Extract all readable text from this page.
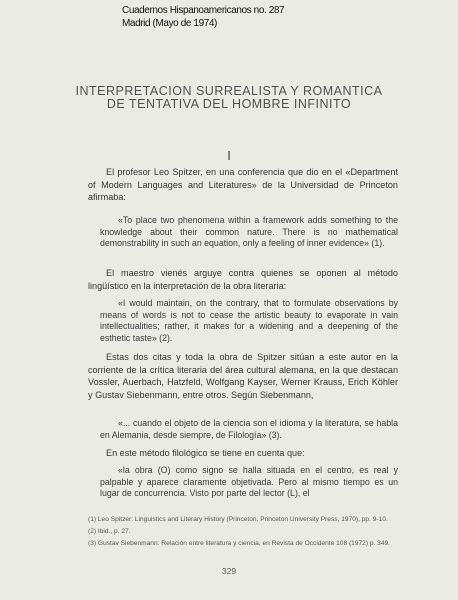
Cuadernos Hispanoamericanos no. 287
Madrid (Mayo de 1974)
INTERPRETACION SURREALISTA Y ROMANTICA
DE TENTATIVA DEL HOMBRE INFINITO
I

El profesor Leo Spitzer, en una conferencia que dio en el «Department of Modern Languages and Literatures» de la Universidad de Princeton afirmaba:

«To place two phenomena within a framework adds something to the knowledge about their common nature. There is no mathematical demonstrability in such an equation, only a feeling of inner evidence» (1).

El maestro vienés arguye contra quienes se oponen al método lingüístico en la interpretación de la obra literaria:

«I would maintain, on the contrary, that to formulate observations by means of words is not to cease the artistic beauty to evaporate in vain intellectualities; rather, it makes for a widening and a deepening of the esthetic taste» (2).

Estas dos citas y toda la obra de Spitzer sitúan a este autor en la corriente de la crítica literaria del área cultural alemana, en la que destacan Vossler, Auerbach, Hatzfeld, Wolfgang Kayser, Werner Krauss, Erich Köhler y Gustav Siebenmann, entre otros. Según Siebenmann,

«... cuando el objeto de la ciencia son el idioma y la literatura, se habla en Alemania, desde siempre, de Filología» (3).

En este método filológico se tiene en cuenta que:

«la obra (O) como signo se halla situada en el centro, es real y palpable y aparece claramente objetivada. Pero al mismo tiempo es un lugar de concurrencia. Visto por parte del lector (L), el

(1) Leo Spitzer: Linguistics and Literary History (Princeton, Princeton University Press, 1970), pp. 9-10.
(2) Ibid., p. 27.
(3) Gustav Siebenmann: Relación entre literatura y ciencia, en Revista de Occidente 108 (1972) p. 349.
329
